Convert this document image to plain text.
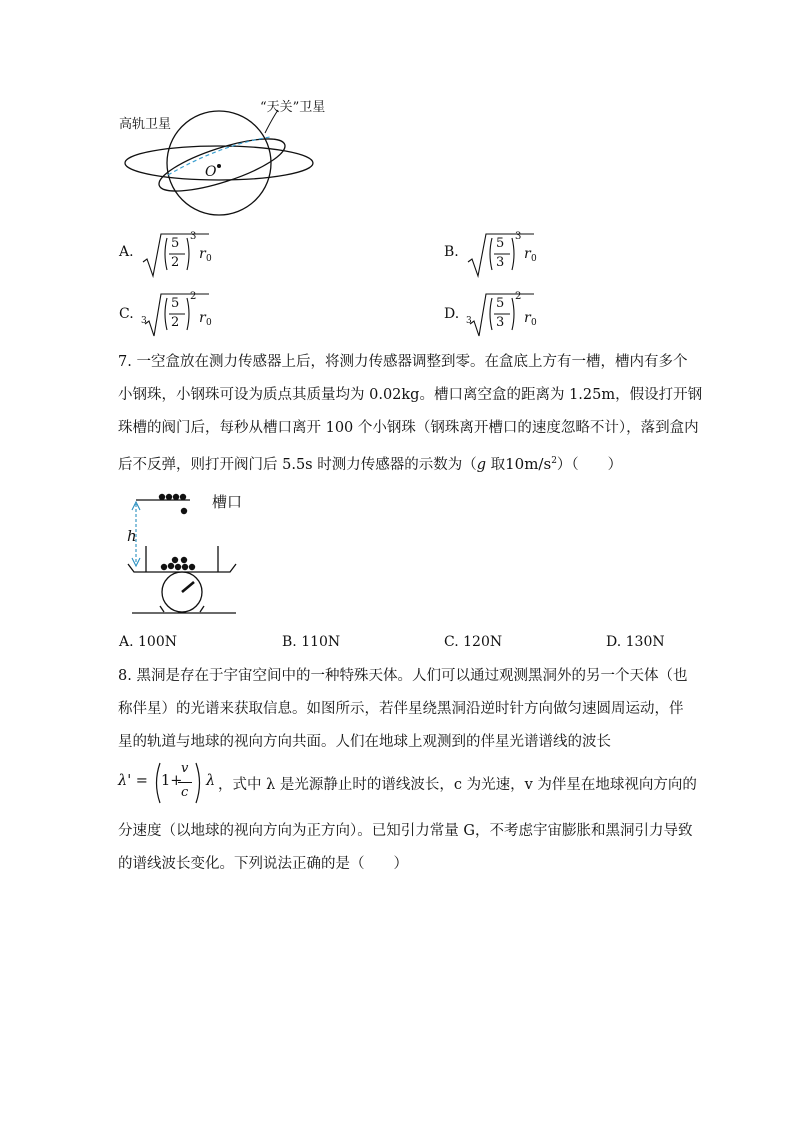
高轨卫星
“天关”卫星
O
A.
5
2
3
r 0	B.
5
3
3
r 0
C. 3
5
2
2
r 0
D. 3
5
3
2
r 0
7. 一空盒放在测力传感器上后，将测力传感器调整到零。在盒底上方有一槽，槽内有多个
小钢珠，小钢珠可设为质点其质量均为 0.02kg。槽口离空盒的距离为 1.25m，假设打开钢
珠槽的阀门后，每秒从槽口离开 100 个小钢珠（钢珠离开槽口的速度忽略不计），落到盒内
后不反弹，则打开阀门后 5.5s 时测力传感器的示数为（g 取$10m/s^2$）（　　）
槽口
h
A. 100N	B. 110N	C. 120N	D. 130N
8. 黑洞是存在于宇宙空间中的一种特殊天体。人们可以通过观测黑洞外的另一个天体（也
称伴星）的光谱来获取信息。如图所示，若伴星绕黑洞沿逆时针方向做匀速圆周运动，伴
星的轨道与地球的视向方向共面。人们在地球上观测到的伴星光谱谱线的波长
λ' = 1+
v
c
λ ，式中 λ 是光源静止时的谱线波长，c 为光速，v 为伴星在地球视向方向的
分速度（以地球的视向方向为正方向）。已知引力常量 G，不考虑宇宙膨胀和黑洞引力导致
的谱线波长变化。下列说法正确的是（　　）
